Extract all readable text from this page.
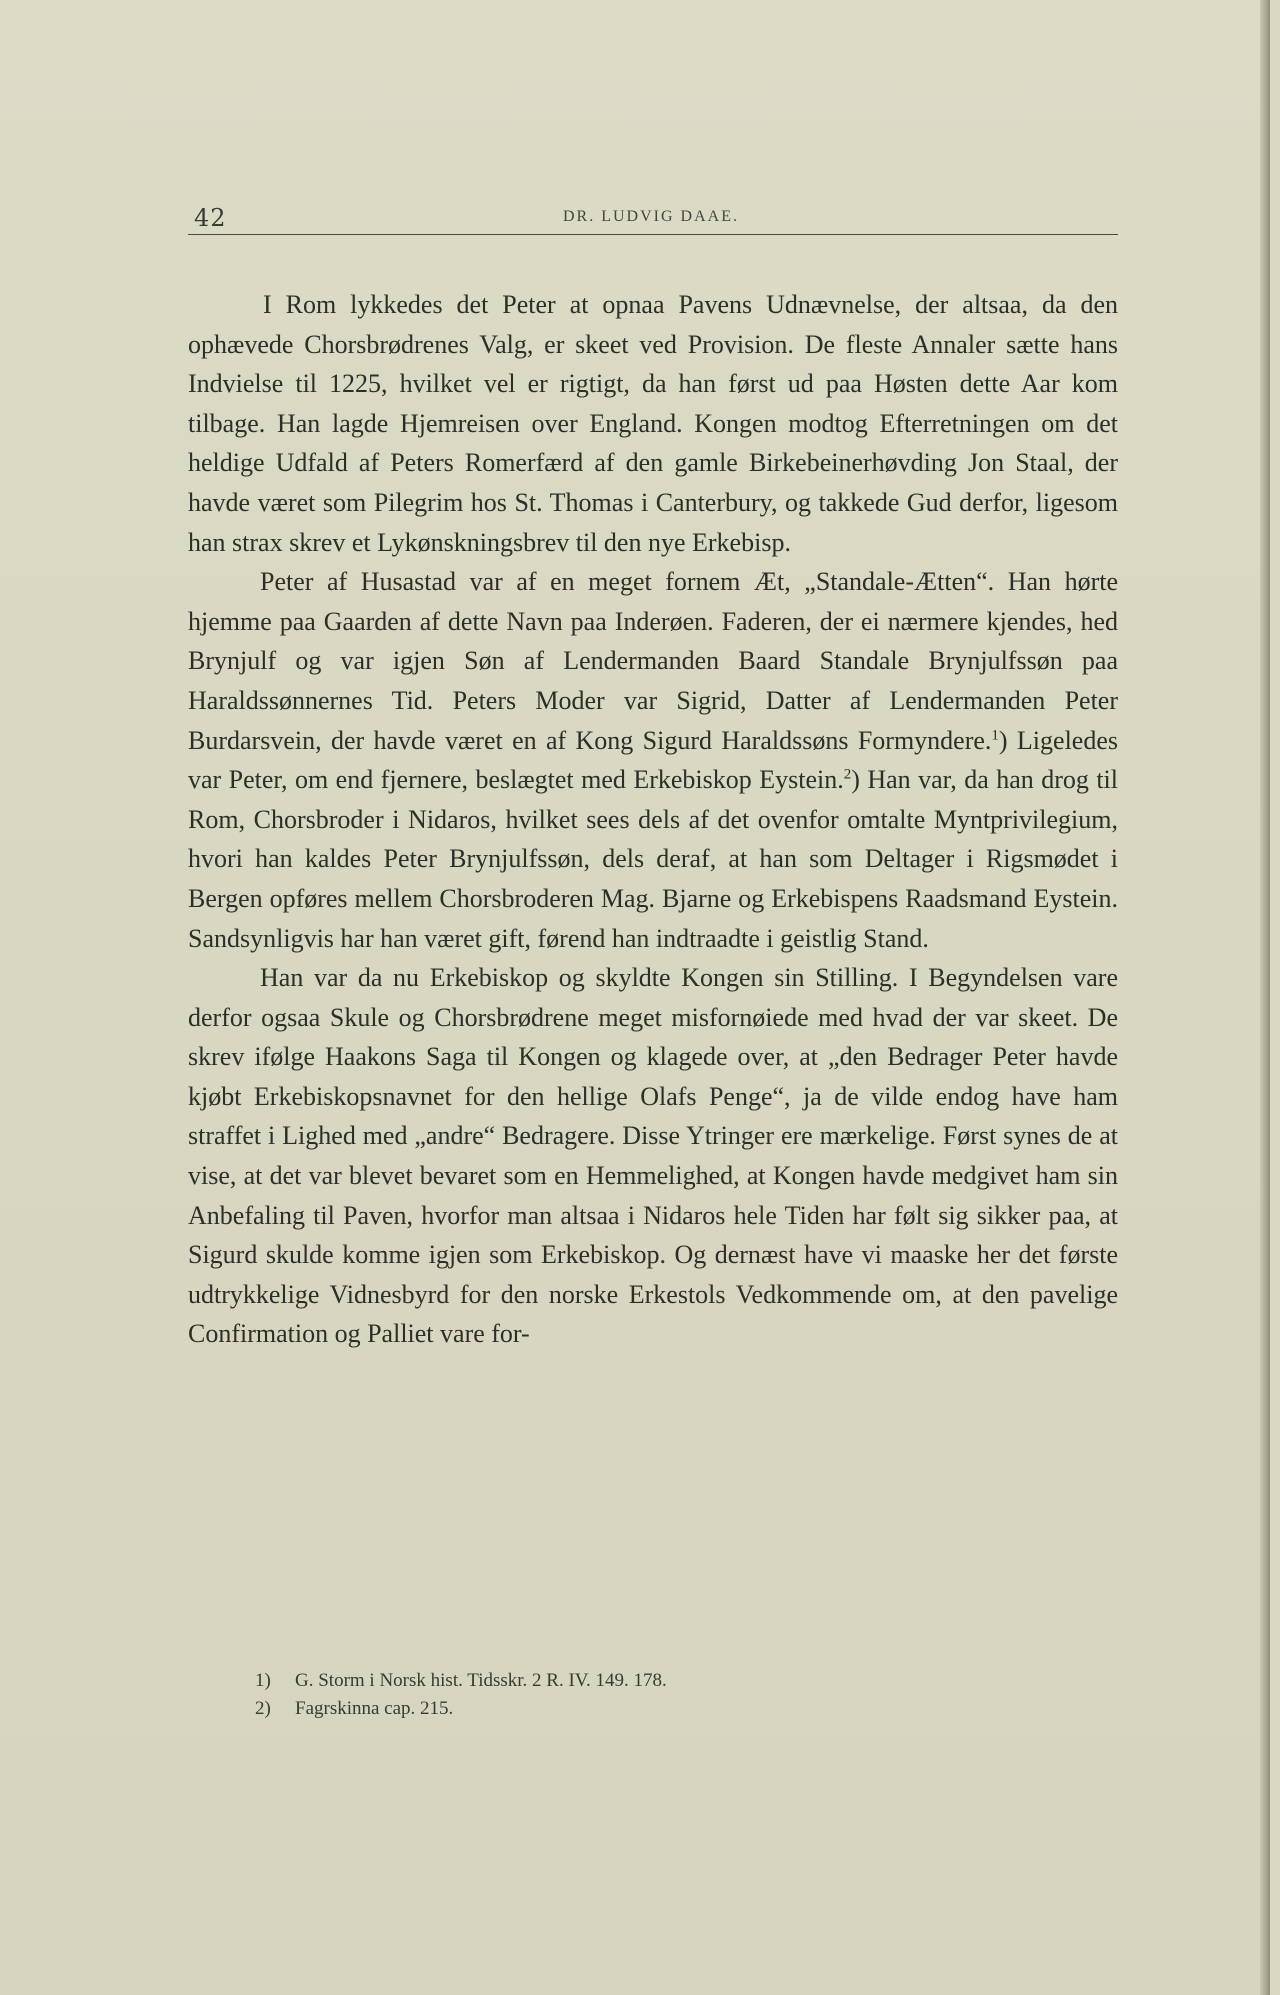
42	DR. LUDVIG DAAE.

I Rom lykkedes det Peter at opnaa Pavens Udnævnelse, der altsaa, da den ophævede Chorsbrødrenes Valg, er skeet ved Provision. De fleste Annaler sætte hans Indvielse til 1225, hvilket vel er rigtigt, da han først ud paa Høsten dette Aar kom tilbage. Han lagde Hjemreisen over England. Kongen modtog Efterretningen om det heldige Udfald af Peters Romerfærd af den gamle Birkebeinerhøvding Jon Staal, der havde været som Pilegrim hos St. Thomas i Canterbury, og takkede Gud derfor, ligesom han strax skrev et Lykønskningsbrev til den nye Erkebisp.

Peter af Husastad var af en meget fornem Æt, „Standale-Ætten“. Han hørte hjemme paa Gaarden af dette Navn paa Inderøen. Faderen, der ei nærmere kjendes, hed Brynjulf og var igjen Søn af Lendermanden Baard Standale Brynjulfssøn paa Haraldssønnernes Tid. Peters Moder var Sigrid, Datter af Lendermanden Peter Burdarsvein, der havde været en af Kong Sigurd Haraldssøns Formyndere.$^1$) Ligeledes var Peter, om end fjernere, beslægtet med Erkebiskop Eystein.$^2$) Han var, da han drog til Rom, Chorsbroder i Nidaros, hvilket sees dels af det ovenfor omtalte Myntprivilegium, hvori han kaldes Peter Brynjulfssøn, dels deraf, at han som Deltager i Rigsmødet i Bergen opføres mellem Chorsbroderen Mag. Bjarne og Erkebispens Raadsmand Eystein. Sandsynligvis har han været gift, førend han indtraadte i geistlig Stand.

Han var da nu Erkebiskop og skyldte Kongen sin Stilling. I Begyndelsen vare derfor ogsaa Skule og Chorsbrødrene meget misfornøiede med hvad der var skeet. De skrev ifølge Haakons Saga til Kongen og klagede over, at „den Bedrager Peter havde kjøbt Erkebiskopsnavnet for den hellige Olafs Penge“, ja de vilde endog have ham straffet i Lighed med „andre“ Bedragere. Disse Ytringer ere mærkelige. Først synes de at vise, at det var blevet bevaret som en Hemmelighed, at Kongen havde medgivet ham sin Anbefaling til Paven, hvorfor man altsaa i Nidaros hele Tiden har følt sig sikker paa, at Sigurd skulde komme igjen som Erkebiskop. Og dernæst have vi maaske her det første udtrykkelige Vidnesbyrd for den norske Erkestols Vedkommende om, at den pavelige Confirmation og Palliet vare for-

1) G. Storm i Norsk hist. Tidsskr. 2 R. IV. 149. 178.

2) Fagrskinna cap. 215.
